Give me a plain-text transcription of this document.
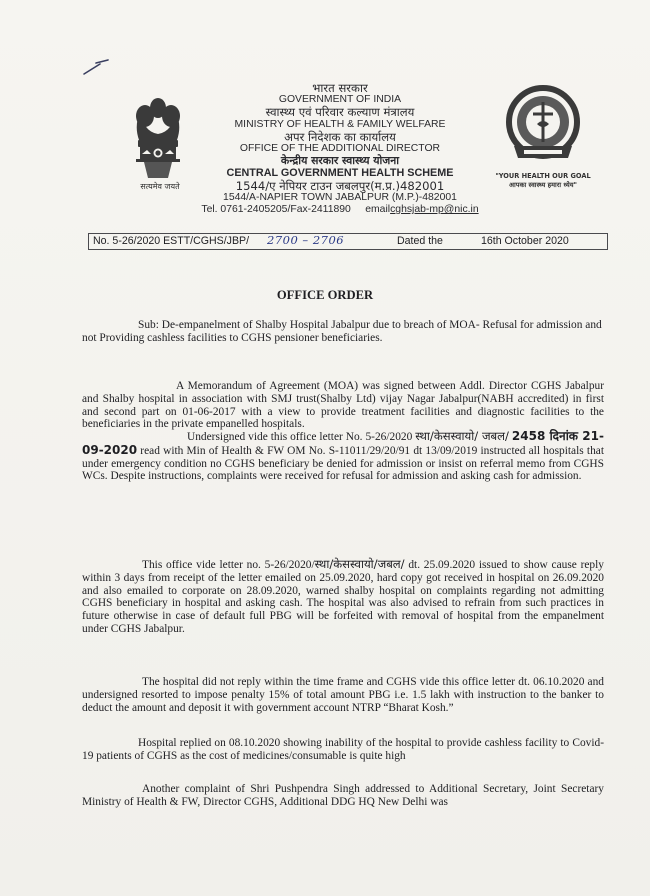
सत्यमेव जयते
भारत सरकार
GOVERNMENT OF INDIA
स्वास्थ्य एवं परिवार कल्याण मंत्रालय
MINISTRY OF HEALTH & FAMILY WELFARE
अपर निदेशक का कार्यालय
OFFICE OF THE ADDITIONAL DIRECTOR
केन्द्रीय सरकार स्वास्थ्य योजना
CENTRAL GOVERNMENT HEALTH SCHEME
1544/ए नेपियर टाउन जबलपुर(म.प्र.)482001
1544/A-NAPIER TOWN JABALPUR (M.P.)-482001
Tel. 0761-2405205/Fax-2411890 emailcghsjab-mp@nic.in
"YOUR HEALTH OUR GOAL
आपका स्वास्थ्य हमारा ध्येय"
No. 5-26/2020 ESTT/CGHS/JBP/ 2700 – 2706	Dated the	16th October 2020
OFFICE ORDER
Sub: De-empanelment of Shalby Hospital Jabalpur due to breach of MOA- Refusal for admission and not Providing cashless facilities to CGHS pensioner beneficiaries.
A Memorandum of Agreement (MOA) was signed between Addl. Director CGHS Jabalpur and Shalby hospital in association with SMJ trust(Shalby Ltd) vijay Nagar Jabalpur(NABH accredited) in first and second part on 01-06-2017 with a view to provide treatment facilities and diagnostic facilities to the beneficiaries in the private empanelled hospitals.
Undersigned vide this office letter No. 5-26/2020 स्था/केसस्वायो/ जबल/ 2458 दिनांक 21-09-2020 read with Min of Health & FW OM No. S-11011/29/20/91 dt 13/09/2019 instructed all hospitals that under emergency condition no CGHS beneficiary be denied for admission or insist on referral memo from CGHS WCs. Despite instructions, complaints were received for refusal for admission and asking cash for admission.
This office vide letter no. 5-26/2020/स्था/केसस्वायो/जबल/ dt. 25.09.2020 issued to show cause reply within 3 days from receipt of the letter emailed on 25.09.2020, hard copy got received in hospital on 26.09.2020 and also emailed to corporate on 28.09.2020, warned shalby hospital on complaints regarding not admitting CGHS beneficiary in hospital and asking cash. The hospital was also advised to refrain from such practices in future otherwise in case of default full PBG will be forfeited with removal of hospital from the empanelment under CGHS Jabalpur.
The hospital did not reply within the time frame and CGHS vide this office letter dt. 06.10.2020 and undersigned resorted to impose penalty 15% of total amount PBG i.e. 1.5 lakh with instruction to the banker to deduct the amount and deposit it with government account NTRP “Bharat Kosh.”
Hospital replied on 08.10.2020 showing inability of the hospital to provide cashless facility to Covid-19 patients of CGHS as the cost of medicines/consumable is quite high
Another complaint of Shri Pushpendra Singh addressed to Additional Secretary, Joint Secretary Ministry of Health & FW, Director CGHS, Additional DDG HQ New Delhi was
